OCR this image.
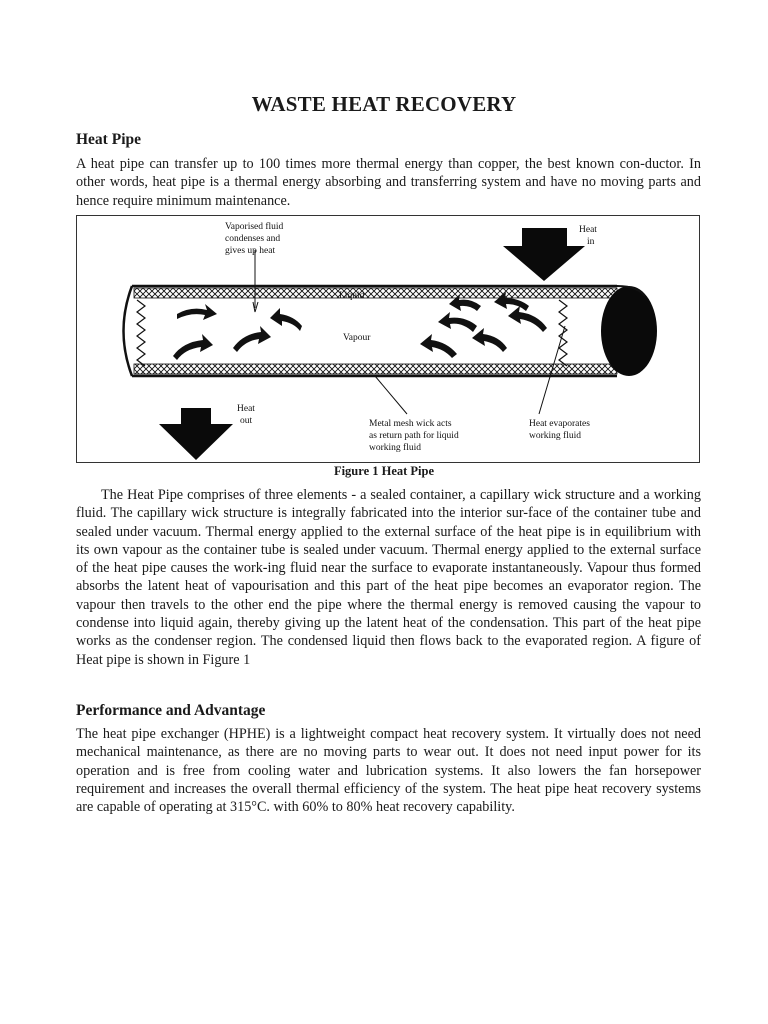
WASTE HEAT RECOVERY
Heat Pipe
A heat pipe can transfer up to 100 times more thermal energy than copper, the best known con-ductor. In other words, heat pipe is a thermal energy absorbing and transferring system and have no moving parts and hence require minimum maintenance.
Vaporised fluid
condenses and
gives up heat
Heat
in
Liquid
Vapour
Heat
out	Metal mesh wick acts
as return path for liquid
working fluid
Heat evaporates
working fluid
Figure 1 Heat Pipe
The Heat Pipe comprises of three elements - a sealed container, a capillary wick structure and a working fluid. The capillary wick structure is integrally fabricated into the interior sur-face of the container tube and sealed under vacuum. Thermal energy applied to the external surface of the heat pipe is in equilibrium with its own vapour as the container tube is sealed under vacuum. Thermal energy applied to the external surface of the heat pipe causes the work-ing fluid near the surface to evaporate instantaneously. Vapour thus formed absorbs the latent heat of vapourisation and this part of the heat pipe becomes an evaporator region. The vapour then travels to the other end the pipe where the thermal energy is removed causing the vapour to condense into liquid again, thereby giving up the latent heat of the condensation. This part of the heat pipe works as the condenser region. The condensed liquid then flows back to the evaporated region. A figure of Heat pipe is shown in Figure 1
Performance and Advantage
The heat pipe exchanger (HPHE) is a lightweight compact heat recovery system. It virtually does not need mechanical maintenance, as there are no moving parts to wear out. It does not need input power for its operation and is free from cooling water and lubrication systems. It also lowers the fan horsepower requirement and increases the overall thermal efficiency of the system. The heat pipe heat recovery systems are capable of operating at 315°C. with 60% to 80% heat recovery capability.
